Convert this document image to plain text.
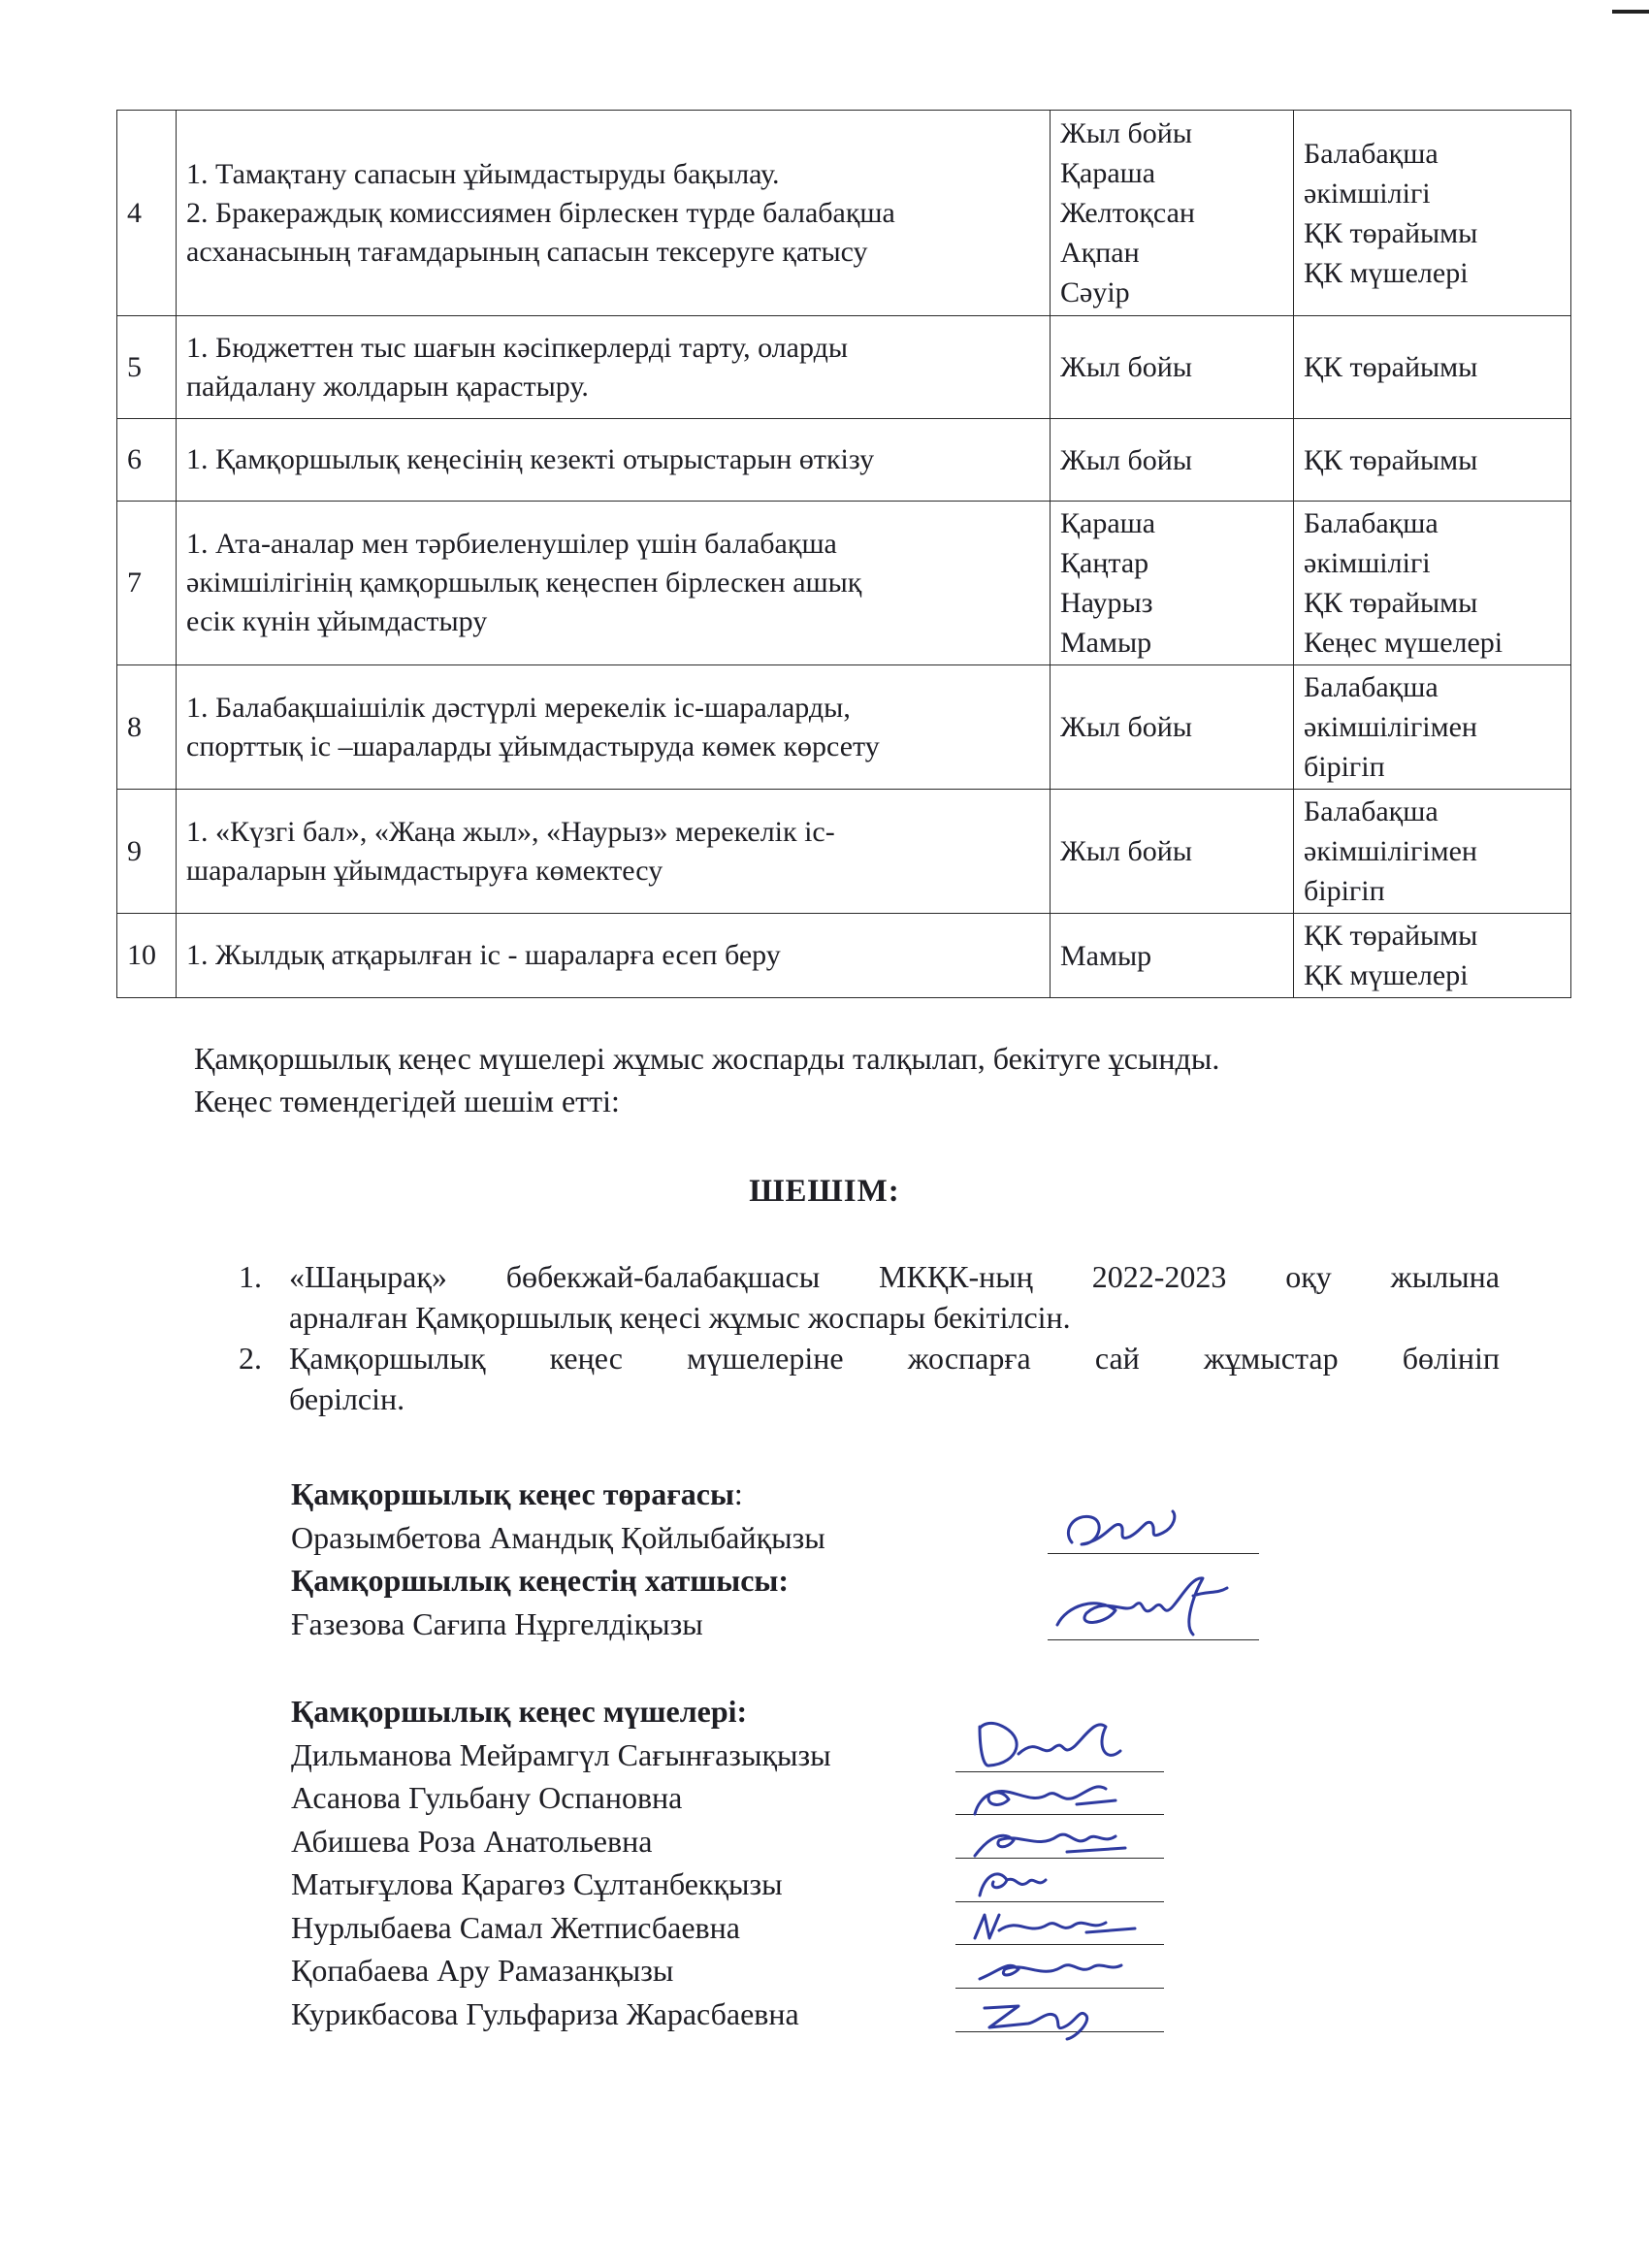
4	1. Тамақтану сапасын ұйымдастыруды бақылау.
2. Бракераждық комиссиямен бірлескен түрде балабақша
асханасының тағамдарының сапасын тексеруге қатысу	Жыл бойы
Қараша
Желтоқсан
Ақпан
Сәуір	Балабақша
әкімшілігі
ҚК төрайымы
ҚК мүшелері

5	1. Бюджеттен тыс шағын кәсіпкерлерді тарту, оларды
пайдалану жолдарын қарастыру.	Жыл бойы	ҚК төрайымы

6	1. Қамқоршылық кеңесінің кезекті отырыстарын өткізу	Жыл бойы	ҚК төрайымы

7	1. Ата-аналар мен тәрбиеленушілер үшін балабақша
әкімшілігінің қамқоршылық кеңеспен бірлескен ашық
есік күнін ұйымдастыру	Қараша
Қаңтар
Наурыз
Мамыр	Балабақша
әкімшілігі
ҚК төрайымы
Кеңес мүшелері

8	1. Балабақшаішілік дәстүрлі мерекелік іс-шараларды,
спорттық іс –шараларды ұйымдастыруда көмек көрсету	Жыл бойы	Балабақша
әкімшілігімен
бірігіп

9	1. «Күзгі бал», «Жаңа жыл», «Наурыз» мерекелік іс-
шараларын ұйымдастыруға көмектесу	Жыл бойы	Балабақша
әкімшілігімен
бірігіп

10	1. Жылдық атқарылған іс - шараларға есеп беру	Мамыр	ҚК төрайымы
ҚК мүшелері
Қамқоршылық кеңес мүшелері жұмыс жоспарды талқылап, бекітуге ұсынды.
Кеңес төмендегідей шешім етті:
ШЕШІМ:
1. «Шаңырақ» бөбекжай-балабақшасы МКҚК-ның 2022-2023 оқу жылына
арналған Қамқоршылық кеңесі жұмыс жоспары бекітілсін.
2. Қамқоршылық кеңес мүшелеріне жоспарға сай жұмыстар бөлініп
берілсін.
Қамқоршылық кеңес төрағасы:
Оразымбетова Амандық Қойлыбайқызы
Қамқоршылық кеңестің хатшысы:
Ғазезова Сағипа Нұргелдіқызы
Қамқоршылық кеңес мүшелері:
Дильманова Мейрамгүл Сағынғазықызы
Асанова Гульбану Оспановна
Абишева Роза Анатольевна
Матығұлова Қарагөз Сұлтанбекқызы
Нурлыбаева Самал Жетписбаевна
Қопабаева Ару Рамазанқызы
Курикбасова Гульфариза Жарасбаевна
